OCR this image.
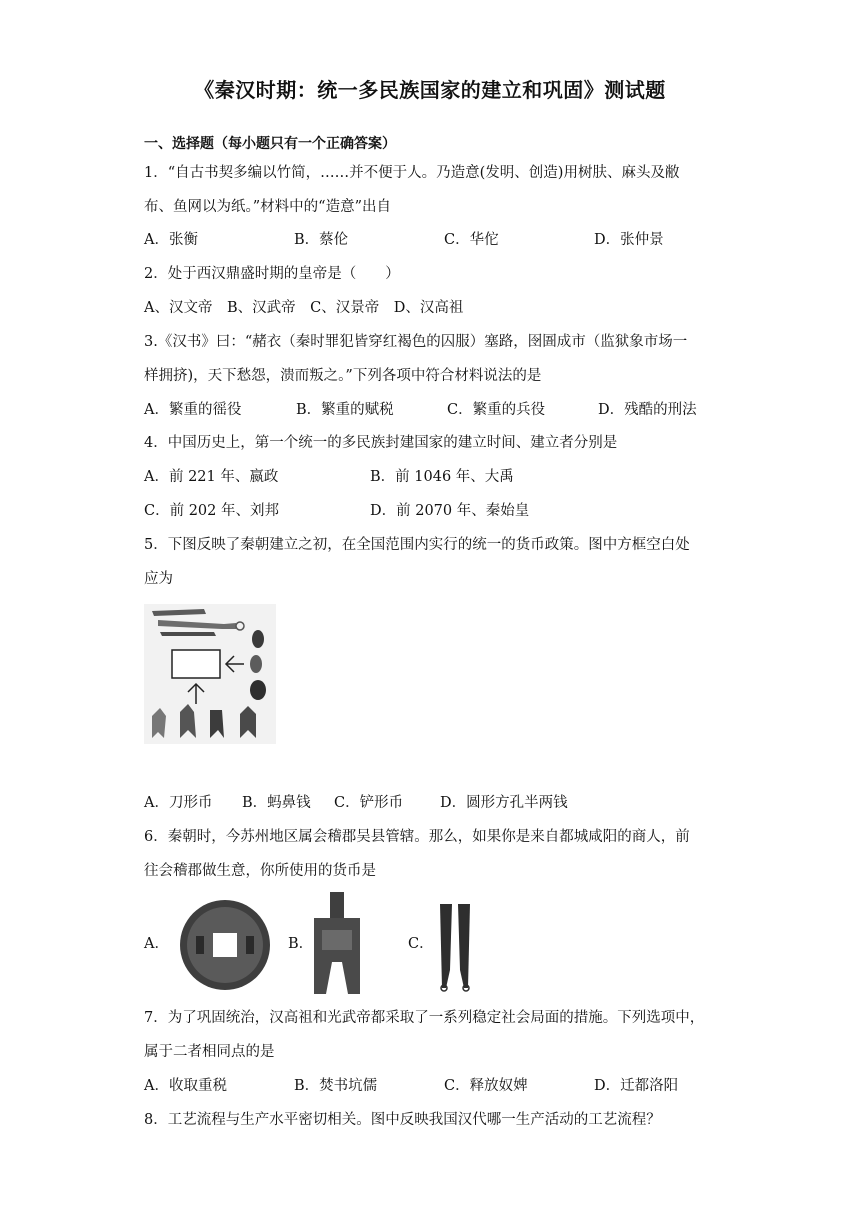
《秦汉时期：统一多民族国家的建立和巩固》测试题
一、选择题（每小题只有一个正确答案）
1．“自古书契多编以竹简，……并不便于人。乃造意(发明、创造)用树肤、麻头及敝
布、鱼网以为纸。”材料中的“造意”出自
A．张衡	B．蔡伦	C．华佗	D．张仲景
2．处于西汉鼎盛时期的皇帝是（　　）
A、汉文帝　B、汉武帝　C、汉景帝　D、汉高祖
3.《汉书》曰：“赭衣（秦时罪犯皆穿红褐色的囚服）塞路，囹圄成市（监狱象市场一
样拥挤)，天下愁怨，溃而叛之。”下列各项中符合材料说法的是
A．繁重的徭役	B．繁重的赋税	C．繁重的兵役	D．残酷的刑法
4．中国历史上，第一个统一的多民族封建国家的建立时间、建立者分别是
A．前 221 年、嬴政	B．前 1046 年、大禹
C．前 202 年、刘邦	D．前 2070 年、秦始皇
5．下图反映了秦朝建立之初，在全国范围内实行的统一的货币政策。图中方框空白处
应为
A．刀形币 B．蚂鼻钱 C．铲形币	D．圆形方孔半两钱
6．秦朝时，今苏州地区属会稽郡吴县管辖。那么，如果你是来自都城咸阳的商人，前
往会稽郡做生意，你所使用的货币是
A．	B．	C．
7．为了巩固统治，汉高祖和光武帝都采取了一系列稳定社会局面的措施。下列选项中，
属于二者相同点的是
A．收取重税	B．焚书坑儒	C．释放奴婢	D．迁都洛阳
8．工艺流程与生产水平密切相关。图中反映我国汉代哪一生产活动的工艺流程？
